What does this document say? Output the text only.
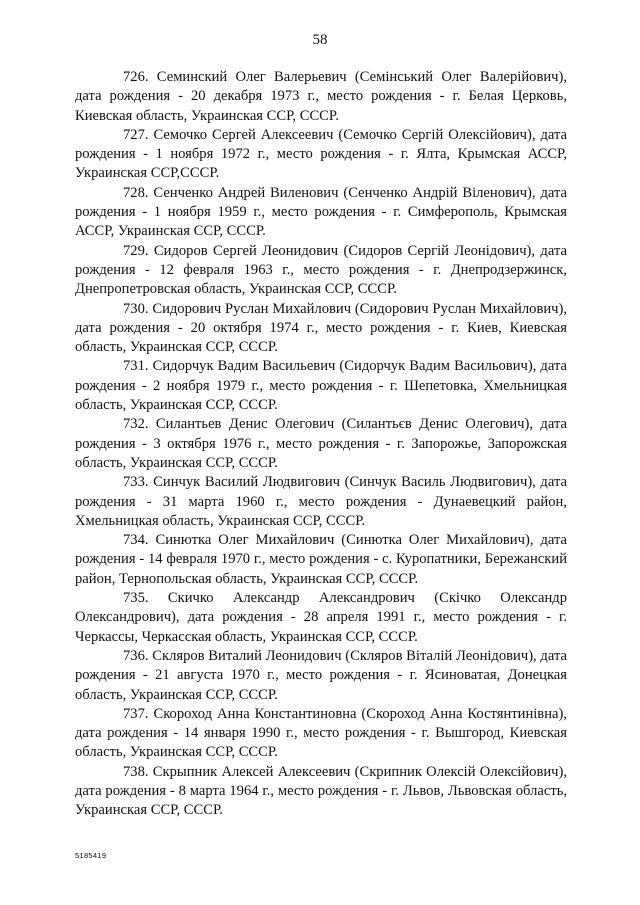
58

726. Семинский Олег Валерьевич (Семінський Олег Валерійович), дата рождения - 20 декабря 1973 г., место рождения - г. Белая Церковь, Киевская область, Украинская ССР, СССР.

727. Семочко Сергей Алексеевич (Семочко Сергій Олексійович), дата рождения - 1 ноября 1972 г., место рождения - г. Ялта, Крымская АССР, Украинская ССР,СССР.

728. Сенченко Андрей Виленович (Сенченко Андрій Віленович), дата рождения - 1 ноября 1959 г., место рождения - г. Симферополь, Крымская АССР, Украинская ССР, СССР.

729. Сидоров Сергей Леонидович (Сидоров Сергій Леонідович), дата рождения - 12 февраля 1963 г., место рождения - г. Днепродзержинск, Днепропетровская область, Украинская ССР, СССР.

730. Сидорович Руслан Михайлович (Сидорович Руслан Михайлович), дата рождения - 20 октября 1974 г., место рождения - г. Киев, Киевская область, Украинская ССР, СССР.

731. Сидорчук Вадим Васильевич (Сидорчук Вадим Васильович), дата рождения - 2 ноября 1979 г., место рождения - г. Шепетовка, Хмельницкая область, Украинская ССР, СССР.

732. Силантьев Денис Олегович (Силантьєв Денис Олегович), дата рождения - 3 октября 1976 г., место рождения - г. Запорожье, Запорожская область, Украинская ССР, СССР.

733. Синчук Василий Людвигович (Синчук Василь Людвигович), дата рождения - 31 марта 1960 г., место рождения - Дунаевецкий район, Хмельницкая область, Украинская ССР, СССР.

734. Синютка Олег Михайлович (Синютка Олег Михайлович), дата рождения - 14 февраля 1970 г., место рождения - с. Куропатники, Бережанский район, Тернопольская область, Украинская ССР, СССР.

735. Скичко Александр Александрович (Скічко Олександр Олександрович), дата рождения - 28 апреля 1991 г., место рождения - г. Черкассы, Черкасская область, Украинская ССР, СССР.

736. Скляров Виталий Леонидович (Скляров Віталій Леонідович), дата рождения - 21 августа 1970 г., место рождения - г. Ясиноватая, Донецкая область, Украинская ССР, СССР.

737. Скороход Анна Константиновна (Скороход Анна Костянтинівна), дата рождения - 14 января 1990 г., место рождения - г. Вышгород, Киевская область, Украинская ССР, СССР.

738. Скрыпник Алексей Алексеевич (Скрипник Олексій Олексійович), дата рождения - 8 марта 1964 г., место рождения - г. Львов, Львовская область, Украинская ССР, СССР.

5185419
